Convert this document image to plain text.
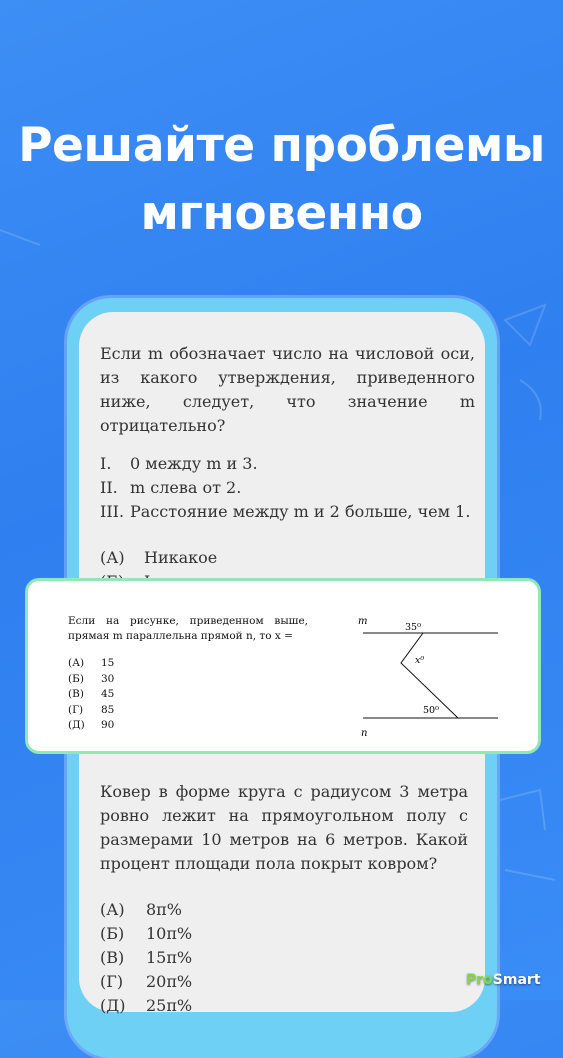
Решайте проблемы
мгновенно

Если m обозначает число на числовой оси, из какого утверждения, приведенного ниже, следует, что значение m отрицательно?

I. 0 между m и 3.
II. m слева от 2.
III. Расстояние между m и 2 больше, чем 1.
(А) Никакое

Если на рисунке, приведенном выше, прямая m параллельна прямой n, то x =

(А) 15
(Б) 30
(В) 45
(Г) 85
(Д) 90
m
n
35⁰
x⁰
50⁰

Ковер в форме круга с радиусом 3 метра ровно лежит на прямоугольном полу с размерами 10 метров на 6 метров. Какой процент площади пола покрыт ковром?

(А) 8π%
(Б) 10π%
(В) 15π%
(Г) 20π%
(Д) 25π%
ProSmart
